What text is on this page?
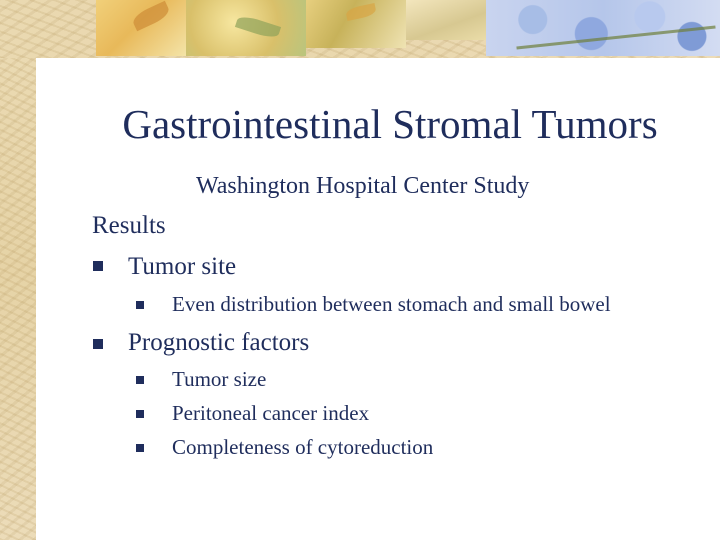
Gastrointestinal Stromal Tumors
Washington Hospital Center Study
Results
Tumor site
Even distribution between stomach and small bowel
Prognostic factors
Tumor size
Peritoneal cancer index
Completeness of cytoreduction
